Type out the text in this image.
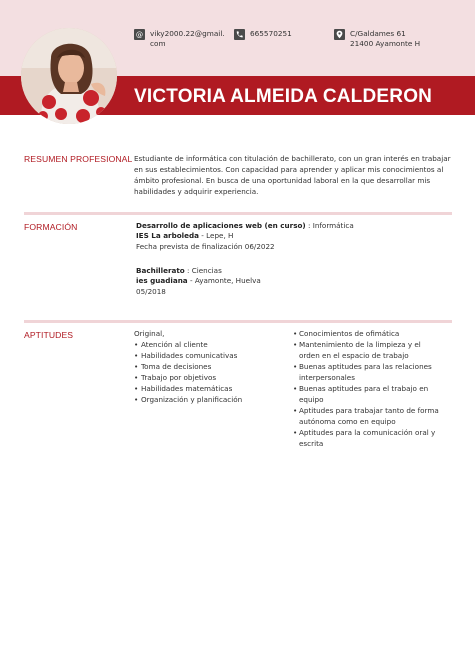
@ viky2000.22@gmail.
com
665570251	C/Galdames 61
21400 Ayamonte H
VICTORIA ALMEIDA CALDERON
RESUMEN PROFESIONAL Estudiante de informática con titulación de bachillerato, con un gran interés en trabajar en sus establecimientos. Con capacidad para aprender y aplicar mis conocimientos al ámbito profesional. En busca de una oportunidad laboral en la que desarrollar mis habilidades y adquirir experiencia.

FORMACIÓN	Desarrollo de aplicaciones web (en curso) : Informática
IES La arboleda - Lepe, H
Fecha prevista de finalización 06/2022
Bachillerato : Ciencias
ies guadiana - Ayamonte, Huelva
05/2018
APTITUDES	Original,
• Atención al cliente
• Habilidades comunicativas
• Toma de decisiones
• Trabajo por objetivos
• Habilidades matemáticas
• Organización y planificación
• Conocimientos de ofimática
• Mantenimiento de la limpieza y el orden en el espacio de trabajo
• Buenas aptitudes para las relaciones interpersonales
• Buenas aptitudes para el trabajo en equipo
• Aptitudes para trabajar tanto de forma autónoma como en equipo
• Aptitudes para la comunicación oral y escrita
